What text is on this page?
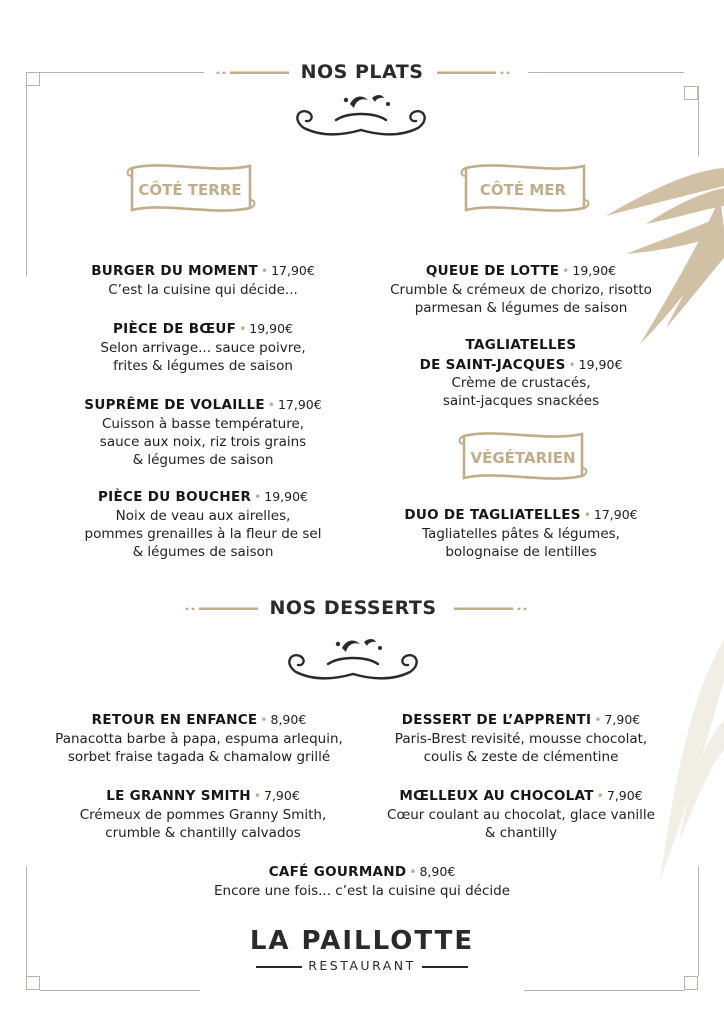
NOS PLATS
CÔTÉ TERRE	CÔTÉ MER
VÉGÉTARIEN
BURGER DU MOMENT • 17,90€
C’est la cuisine qui décide...
PIÈCE DE BŒUF • 19,90€
Selon arrivage... sauce poivre,
frites & légumes de saison
SUPRÊME DE VOLAILLE • 17,90€
Cuisson à basse température,
sauce aux noix, riz trois grains
& légumes de saison
PIÈCE DU BOUCHER • 19,90€
Noix de veau aux airelles,
pommes grenailles à la fleur de sel
& légumes de saison
QUEUE DE LOTTE • 19,90€
Crumble & crémeux de chorizo, risotto
parmesan & légumes de saison
TAGLIATELLES
DE SAINT-JACQUES • 19,90€
Crème de crustacés,
saint-jacques snackées
DUO DE TAGLIATELLES • 17,90€
Tagliatelles pâtes & légumes,
bolognaise de lentilles
NOS DESSERTS
RETOUR EN ENFANCE • 8,90€
Panacotta barbe à papa, espuma arlequin,
sorbet fraise tagada & chamalow grillé
DESSERT DE L’APPRENTI • 7,90€
Paris-Brest revisité, mousse chocolat,
coulis & zeste de clémentine
LE GRANNY SMITH • 7,90€
Crémeux de pommes Granny Smith,
crumble & chantilly calvados
MŒLLEUX AU CHOCOLAT • 7,90€
Cœur coulant au chocolat, glace vanille
& chantilly
CAFÉ GOURMAND • 8,90€
Encore une fois... c’est la cuisine qui décide
LA PAILLOTTE
RESTAURANT
